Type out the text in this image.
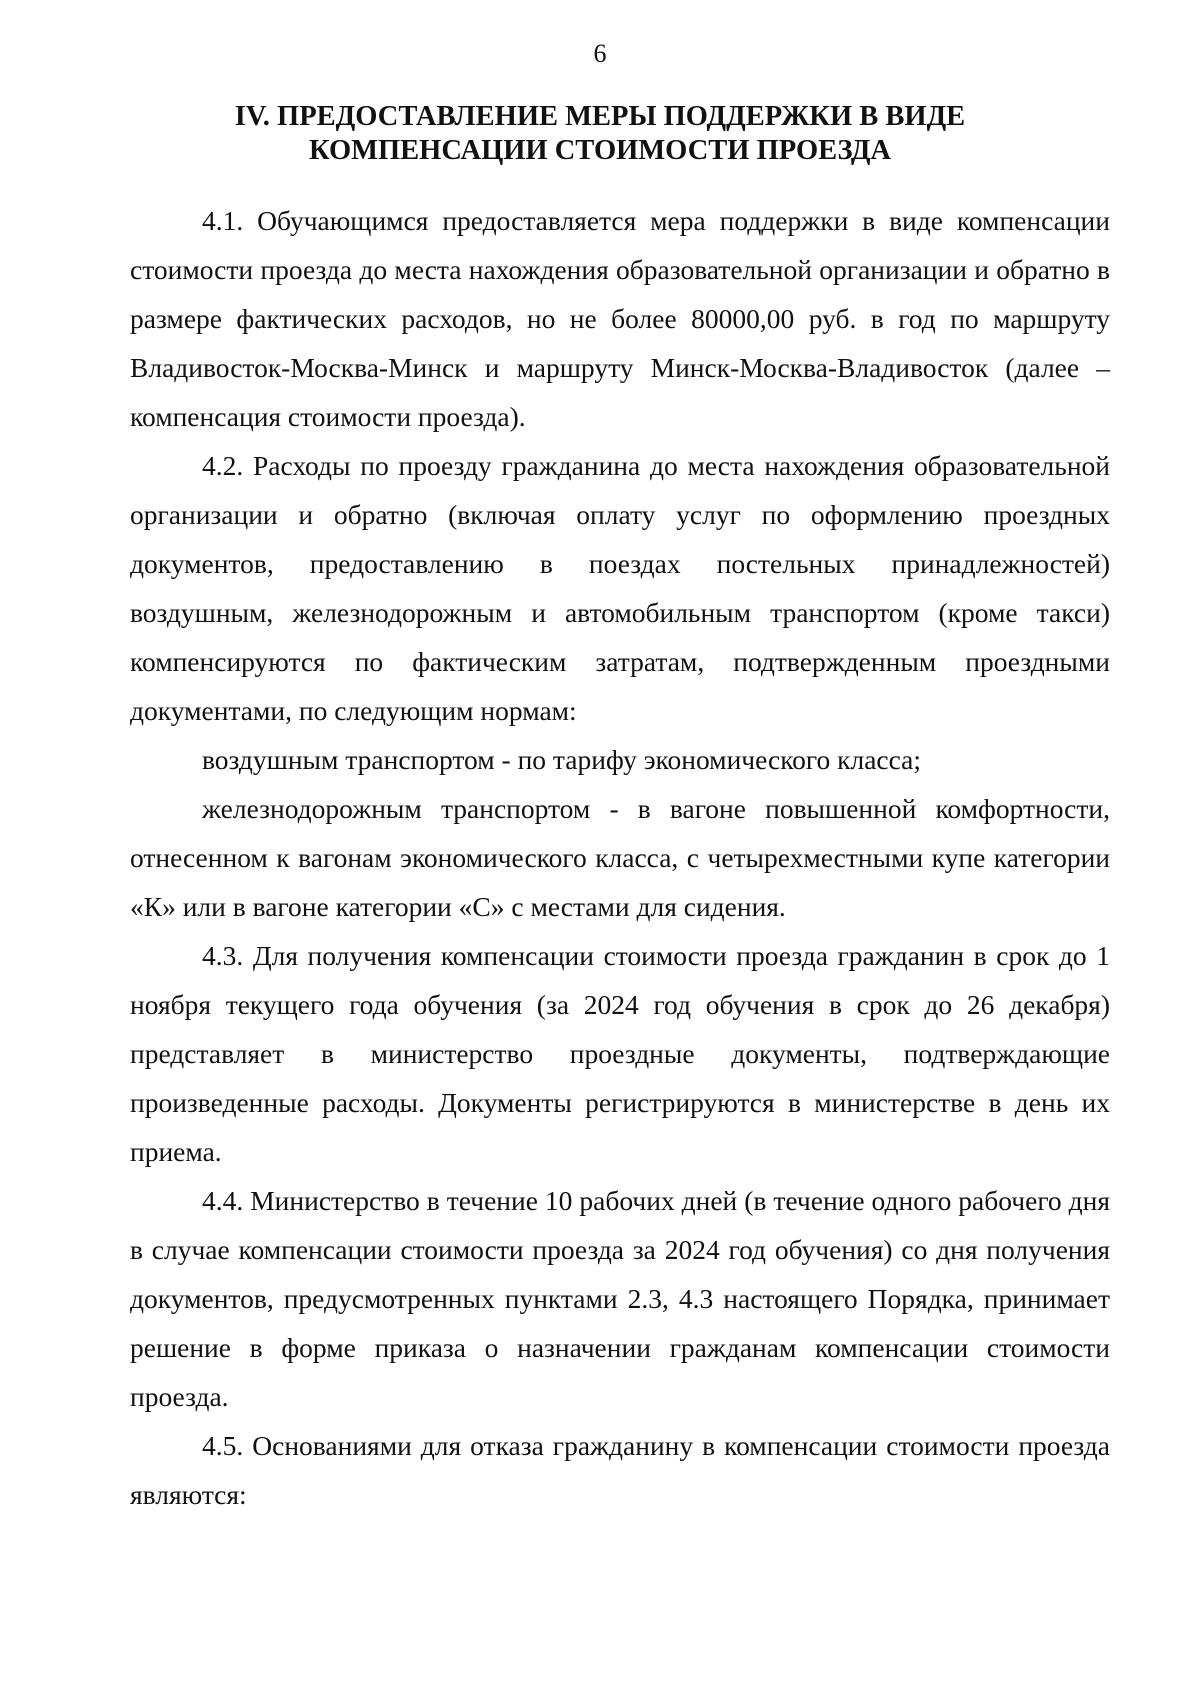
6
IV. ПРЕДОСТАВЛЕНИЕ МЕРЫ ПОДДЕРЖКИ В ВИДЕ
КОМПЕНСАЦИИ СТОИМОСТИ ПРОЕЗДА

4.1. Обучающимся предоставляется мера поддержки в виде компенсации стоимости проезда до места нахождения образовательной организации и обратно в размере фактических расходов, но не более 80000,00 руб. в год по маршруту Владивосток-Москва-Минск и маршруту Минск-Москва-Владивосток (далее – компенсация стоимости проезда).

4.2. Расходы по проезду гражданина до места нахождения образовательной организации и обратно (включая оплату услуг по оформлению проездных документов, предоставлению в поездах постельных принадлежностей) воздушным, железнодорожным и автомобильным транспортом (кроме такси) компенсируются по фактическим затратам, подтвержденным проездными документами, по следующим нормам:

воздушным транспортом - по тарифу экономического класса;

железнодорожным транспортом - в вагоне повышенной комфортности, отнесенном к вагонам экономического класса, с четырехместными купе категории «К» или в вагоне категории «С» с местами для сидения.

4.3. Для получения компенсации стоимости проезда гражданин в срок до 1 ноября текущего года обучения (за 2024 год обучения в срок до 26 декабря) представляет в министерство проездные документы, подтверждающие произведенные расходы. Документы регистрируются в министерстве в день их приема.

4.4. Министерство в течение 10 рабочих дней (в течение одного рабочего дня в случае компенсации стоимости проезда за 2024 год обучения) со дня получения документов, предусмотренных пунктами 2.3, 4.3 настоящего Порядка, принимает решение в форме приказа о назначении гражданам компенсации стоимости проезда.

4.5. Основаниями для отказа гражданину в компенсации стоимости проезда являются:
